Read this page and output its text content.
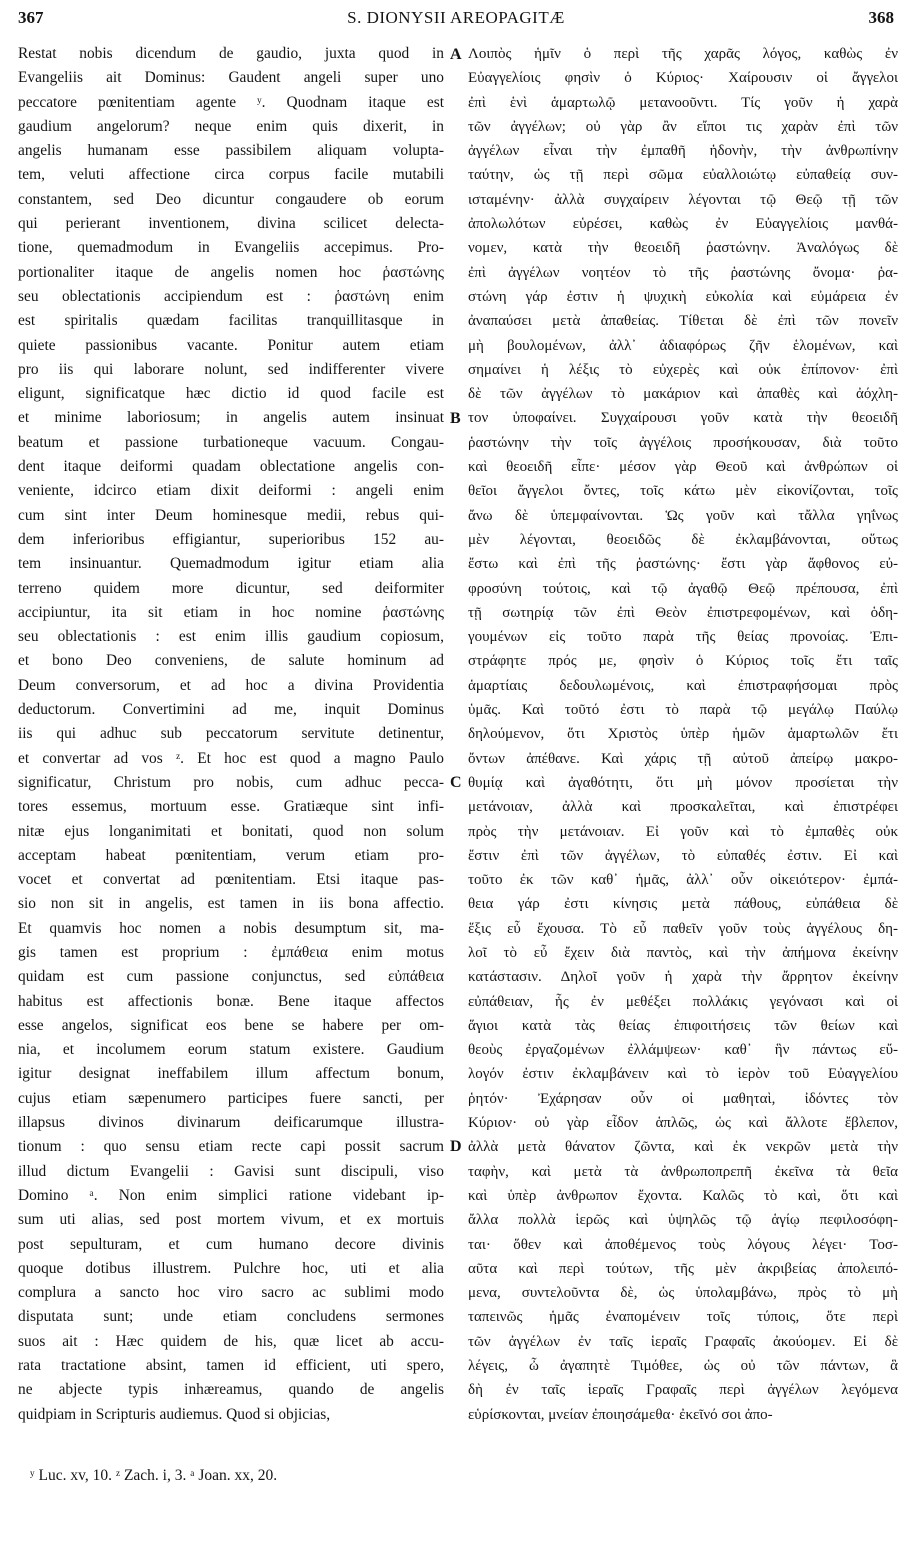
367	S. DIONYSII AREOPAGITÆ	368
Restat nobis dicendum de gaudio, juxta quod in
Evangeliis ait Dominus: Gaudent angeli super uno
peccatore pœnitentiam agente ʸ. Quodnam itaque est
gaudium angelorum? neque enim quis dixerit, in
angelis humanam esse passibilem aliquam volupta-
tem, veluti affectione circa corpus facile mutabili
constantem, sed Deo dicuntur congaudere ob eorum
qui perierant inventionem, divina scilicet delecta-
tione, quemadmodum in Evangeliis accepimus. Pro-
portionaliter itaque de angelis nomen hoc ῥαστώνης
seu oblectationis accipiendum est : ῥαστώνη enim
est spiritalis quædam facilitas tranquillitasque in
quiete passionibus vacante. Ponitur autem etiam
pro iis qui laborare nolunt, sed indifferenter vivere
eligunt, significatque hæc dictio id quod facile est
et minime laboriosum; in angelis autem insinuat
beatum et passione turbationeque vacuum. Congau-
dent itaque deiformi quadam oblectatione angelis con-
veniente, idcirco etiam dixit deiformi : angeli enim
cum sint inter Deum hominesque medii, rebus qui-
dem inferioribus effigiantur, superioribus 152 au-
tem insinuantur. Quemadmodum igitur etiam alia
terreno quidem more dicuntur, sed deiformiter
accipiuntur, ita sit etiam in hoc nomine ῥαστώνης
seu oblectationis : est enim illis gaudium copiosum,
et bono Deo conveniens, de salute hominum ad
Deum conversorum, et ad hoc a divina Providentia
deductorum. Convertimini ad me, inquit Dominus
iis qui adhuc sub peccatorum servitute detinentur,
et convertar ad vos ᶻ. Et hoc est quod a magno Paulo
significatur, Christum pro nobis, cum adhuc pecca-
tores essemus, mortuum esse. Gratiæque sint infi-
nitæ ejus longanimitati et bonitati, quod non solum
acceptam habeat pœnitentiam, verum etiam pro-
vocet et convertat ad pœnitentiam. Etsi itaque pas-
sio non sit in angelis, est tamen in iis bona affectio.
Et quamvis hoc nomen a nobis desumptum sit, ma-
gis tamen est proprium : ἐμπάθεια enim motus
quidam est cum passione conjunctus, sed εὐπάθεια
habitus est affectionis bonæ. Bene itaque affectos
esse angelos, significat eos bene se habere per om-
nia, et incolumem eorum statum existere. Gaudium
igitur designat ineffabilem illum affectum bonum,
cujus etiam sæpenumero participes fuere sancti, per
illapsus divinos divinarum deificarumque illustra-
tionum : quo sensu etiam recte capi possit sacrum
illud dictum Evangelii : Gavisi sunt discipuli, viso
Domino ᵃ. Non enim simplici ratione videbant ip-
sum uti alias, sed post mortem vivum, et ex mortuis
post sepulturam, et cum humano decore divinis
quoque dotibus illustrem. Pulchre hoc, uti et alia
complura a sancto hoc viro sacro ac sublimi modo
disputata sunt; unde etiam concludens sermones
suos ait : Hæc quidem de his, quæ licet ab accu-
rata tractatione absint, tamen id efficient, uti spero,
ne abjecte typis inhæreamus, quando de angelis
quidpiam in Scripturis audiemus. Quod si objicias,
Λοιπὸς ἡμῖν ὁ περὶ τῆς χαρᾶς λόγος, καθὼς ἐν
Εὐαγγελίοις φησὶν ὁ Κύριος· Χαίρουσιν οἱ ἄγγελοι
ἐπὶ ἑνὶ ἁμαρτωλῷ μετανοοῦντι. Τίς γοῦν ἡ χαρὰ
τῶν ἀγγέλων; οὐ γὰρ ἂν εἴποι τις χαρὰν ἐπὶ τῶν
ἀγγέλων εἶναι τὴν ἐμπαθῆ ἡδονὴν, τὴν ἀνθρωπίνην
ταύτην, ὡς τῇ περὶ σῶμα εὐαλλοιώτῳ εὐπαθείᾳ συν-
ισταμένην· ἀλλὰ συγχαίρειν λέγονται τῷ Θεῷ τῇ τῶν
ἀπολωλότων εὑρέσει, καθὼς ἐν Εὐαγγελίοις μανθά-
νομεν, κατὰ τὴν θεοειδῆ ῥαστώνην. Ἀναλόγως δὲ
ἐπὶ ἀγγέλων νοητέον τὸ τῆς ῥαστώνης ὄνομα· ῥα-
στώνη γάρ ἐστιν ἡ ψυχικὴ εὐκολία καὶ εὐμάρεια ἐν
ἀναπαύσει μετὰ ἀπαθείας. Τίθεται δὲ ἐπὶ τῶν πονεῖν
μὴ βουλομένων, ἀλλ᾽ ἀδιαφόρως ζῆν ἑλομένων, καὶ
σημαίνει ἡ λέξις τὸ εὐχερὲς καὶ οὐκ ἐπίπονον· ἐπὶ
δὲ τῶν ἀγγέλων τὸ μακάριον καὶ ἀπαθὲς καὶ ἀόχλη-
τον ὑποφαίνει. Συγχαίρουσι γοῦν κατὰ τὴν θεοειδῆ
ῥαστώνην τὴν τοῖς ἀγγέλοις προσήκουσαν, διὰ τοῦτο
καὶ θεοειδῆ εἶπε· μέσον γὰρ Θεοῦ καὶ ἀνθρώπων οἱ
θεῖοι ἄγγελοι ὄντες, τοῖς κάτω μὲν εἰκονίζονται, τοῖς
ἄνω δὲ ὑπεμφαίνονται. Ὡς γοῦν καὶ τἄλλα γηΐνως
μὲν λέγονται, θεοειδῶς δὲ ἐκλαμβάνονται, οὕτως
ἔστω καὶ ἐπὶ τῆς ῥαστώνης· ἔστι γὰρ ἄφθονος εὐ-
φροσύνη τούτοις, καὶ τῷ ἀγαθῷ Θεῷ πρέπουσα, ἐπὶ
τῇ σωτηρίᾳ τῶν ἐπὶ Θεὸν ἐπιστρεφομένων, καὶ ὁδη-
γουμένων εἰς τοῦτο παρὰ τῆς θείας προνοίας. Ἐπι-
στράφητε πρός με, φησὶν ὁ Κύριος τοῖς ἔτι ταῖς
ἁμαρτίαις δεδουλωμένοις, καὶ ἐπιστραφήσομαι πρὸς
ὑμᾶς. Καὶ τοῦτό ἐστι τὸ παρὰ τῷ μεγάλῳ Παύλῳ
δηλούμενον, ὅτι Χριστὸς ὑπὲρ ἡμῶν ἁμαρτωλῶν ἔτι
ὄντων ἀπέθανε. Καὶ χάρις τῇ αὐτοῦ ἀπείρῳ μακρο-
θυμίᾳ καὶ ἀγαθότητι, ὅτι μὴ μόνον προσίεται τὴν
μετάνοιαν, ἀλλὰ καὶ προσκαλεῖται, καὶ ἐπιστρέφει
πρὸς τὴν μετάνοιαν. Εἰ γοῦν καὶ τὸ ἐμπαθὲς οὐκ
ἔστιν ἐπὶ τῶν ἀγγέλων, τὸ εὐπαθές ἐστιν. Εἰ καὶ
τοῦτο ἐκ τῶν καθ᾽ ἡμᾶς, ἀλλ᾽ οὖν οἰκειότερον· ἐμπά-
θεια γάρ ἐστι κίνησις μετὰ πάθους, εὐπάθεια δὲ
ἕξις εὖ ἔχουσα. Τὸ εὖ παθεῖν γοῦν τοὺς ἀγγέλους δη-
λοῖ τὸ εὖ ἔχειν διὰ παντὸς, καὶ τὴν ἀπήμονα ἐκείνην
κατάστασιν. Δηλοῖ γοῦν ἡ χαρὰ τὴν ἄρρητον ἐκείνην
εὐπάθειαν, ἧς ἐν μεθέξει πολλάκις γεγόνασι καὶ οἱ
ἅγιοι κατὰ τὰς θείας ἐπιφοιτήσεις τῶν θείων καὶ
θεοὺς ἐργαζομένων ἐλλάμψεων· καθ᾽ ἣν πάντως εὔ-
λογόν ἐστιν ἐκλαμβάνειν καὶ τὸ ἱερὸν τοῦ Εὐαγγελίου
ῥητόν· Ἐχάρησαν οὖν οἱ μαθηταὶ, ἰδόντες τὸν
Κύριον· οὐ γὰρ εἶδον ἁπλῶς, ὡς καὶ ἄλλοτε ἔβλεπον,
ἀλλὰ μετὰ θάνατον ζῶντα, καὶ ἐκ νεκρῶν μετὰ τὴν
ταφὴν, καὶ μετὰ τὰ ἀνθρωποπρεπῆ ἐκεῖνα τὰ θεῖα
καὶ ὑπὲρ ἀνθρωπον ἔχοντα. Καλῶς τὸ καὶ, ὅτι καὶ
ἄλλα πολλὰ ἱερῶς καὶ ὑψηλῶς τῷ ἁγίῳ πεφιλοσόφη-
ται· ὅθεν καὶ ἀποθέμενος τοὺς λόγους λέγει· Τοσ-
αῦτα καὶ περὶ τούτων, τῆς μὲν ἀκριβείας ἀπολειπό-
μενα, συντελοῦντα δὲ, ὡς ὑπολαμβάνω, πρὸς τὸ μὴ
ταπεινῶς ἡμᾶς ἐναπομένειν τοῖς τύποις, ὅτε περὶ
τῶν ἀγγέλων ἐν ταῖς ἱεραῖς Γραφαῖς ἀκούομεν. Εἰ δὲ
λέγεις, ὦ ἀγαπητὲ Τιμόθεε, ὡς οὐ τῶν πάντων, ἃ
δὴ ἐν ταῖς ἱεραῖς Γραφαῖς περὶ ἀγγέλων λεγόμενα
εὑρίσκονται, μνείαν ἐποιησάμεθα· ἐκεῖνό σοι ἀπο-
A
B
C
D
ʸ Luc. xv, 10. ᶻ Zach. i, 3. ᵃ Joan. xx, 20.
